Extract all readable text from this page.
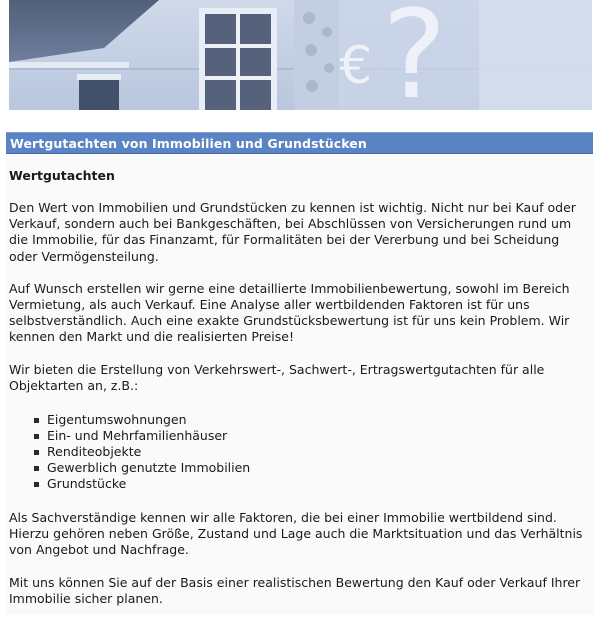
€ ?
Wertgutachten von Immobilien und Grundstücken
Wertgutachten

Den Wert von Immobilien und Grundstücken zu kennen ist wichtig. Nicht nur bei Kauf oder Verkauf, sondern auch bei Bankgeschäften, bei Abschlüssen von Versicherungen rund um die Immobilie, für das Finanzamt, für Formalitäten bei der Vererbung und bei Scheidung oder Vermögensteilung.

Auf Wunsch erstellen wir gerne eine detaillierte Immobilienbewertung, sowohl im Bereich Vermietung, als auch Verkauf. Eine Analyse aller wertbildenden Faktoren ist für uns selbstverständlich. Auch eine exakte Grundstücksbewertung ist für uns kein Problem. Wir kennen den Markt und die realisierten Preise!

Wir bieten die Erstellung von Verkehrswert-, Sachwert-, Ertragswertgutachten für alle Objektarten an, z.B.:

Eigentumswohnungen
Ein- und Mehrfamilienhäuser
Renditeobjekte
Gewerblich genutzte Immobilien
Grundstücke

Als Sachverständige kennen wir alle Faktoren, die bei einer Immobilie wertbildend sind. Hierzu gehören neben Größe, Zustand und Lage auch die Marktsituation und das Verhältnis von Angebot und Nachfrage.

Mit uns können Sie auf der Basis einer realistischen Bewertung den Kauf oder Verkauf Ihrer Immobilie sicher planen.
